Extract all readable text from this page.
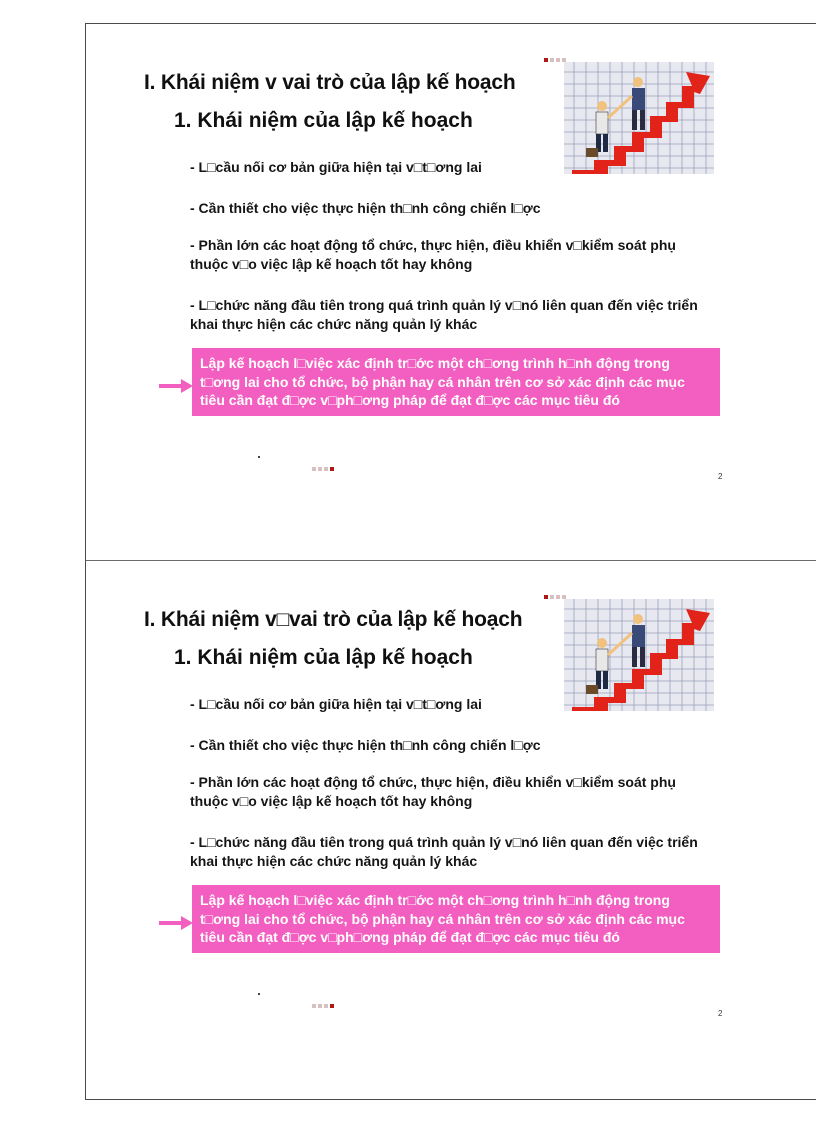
I. Khái niệm v vai trò của lập kế hoạch
1. Khái niệm của lập kế hoạch

- L□cầu nối cơ bản giữa hiện tại v□t□ơng lai

- Cần thiết cho việc thực hiện th□nh công chiến l□ợc

- Phần lớn các hoạt động tổ chức, thực hiện, điều khiển v□kiểm soát phụ thuộc v□o việc lập kế hoạch tốt hay không

- L□chức năng đầu tiên trong quá trình quản lý v□nó liên quan đến việc triển khai thực hiện các chức năng quản lý khác

Lập kế hoạch l□việc xác định tr□ớc một ch□ơng trình h□nh động trong t□ơng lai cho tổ chức, bộ phận hay cá nhân trên cơ sở xác định các mục tiêu cần đạt đ□ợc v□ph□ơng pháp để đạt đ□ợc các mục tiêu đó
2
I. Khái niệm v□vai trò của lập kế hoạch
1. Khái niệm của lập kế hoạch

- L□cầu nối cơ bản giữa hiện tại v□t□ơng lai

- Cần thiết cho việc thực hiện th□nh công chiến l□ợc

- Phần lớn các hoạt động tổ chức, thực hiện, điều khiển v□kiểm soát phụ thuộc v□o việc lập kế hoạch tốt hay không

- L□chức năng đầu tiên trong quá trình quản lý v□nó liên quan đến việc triển khai thực hiện các chức năng quản lý khác

Lập kế hoạch l□việc xác định tr□ớc một ch□ơng trình h□nh động trong t□ơng lai cho tổ chức, bộ phận hay cá nhân trên cơ sở xác định các mục tiêu cần đạt đ□ợc v□ph□ơng pháp để đạt đ□ợc các mục tiêu đó
2
